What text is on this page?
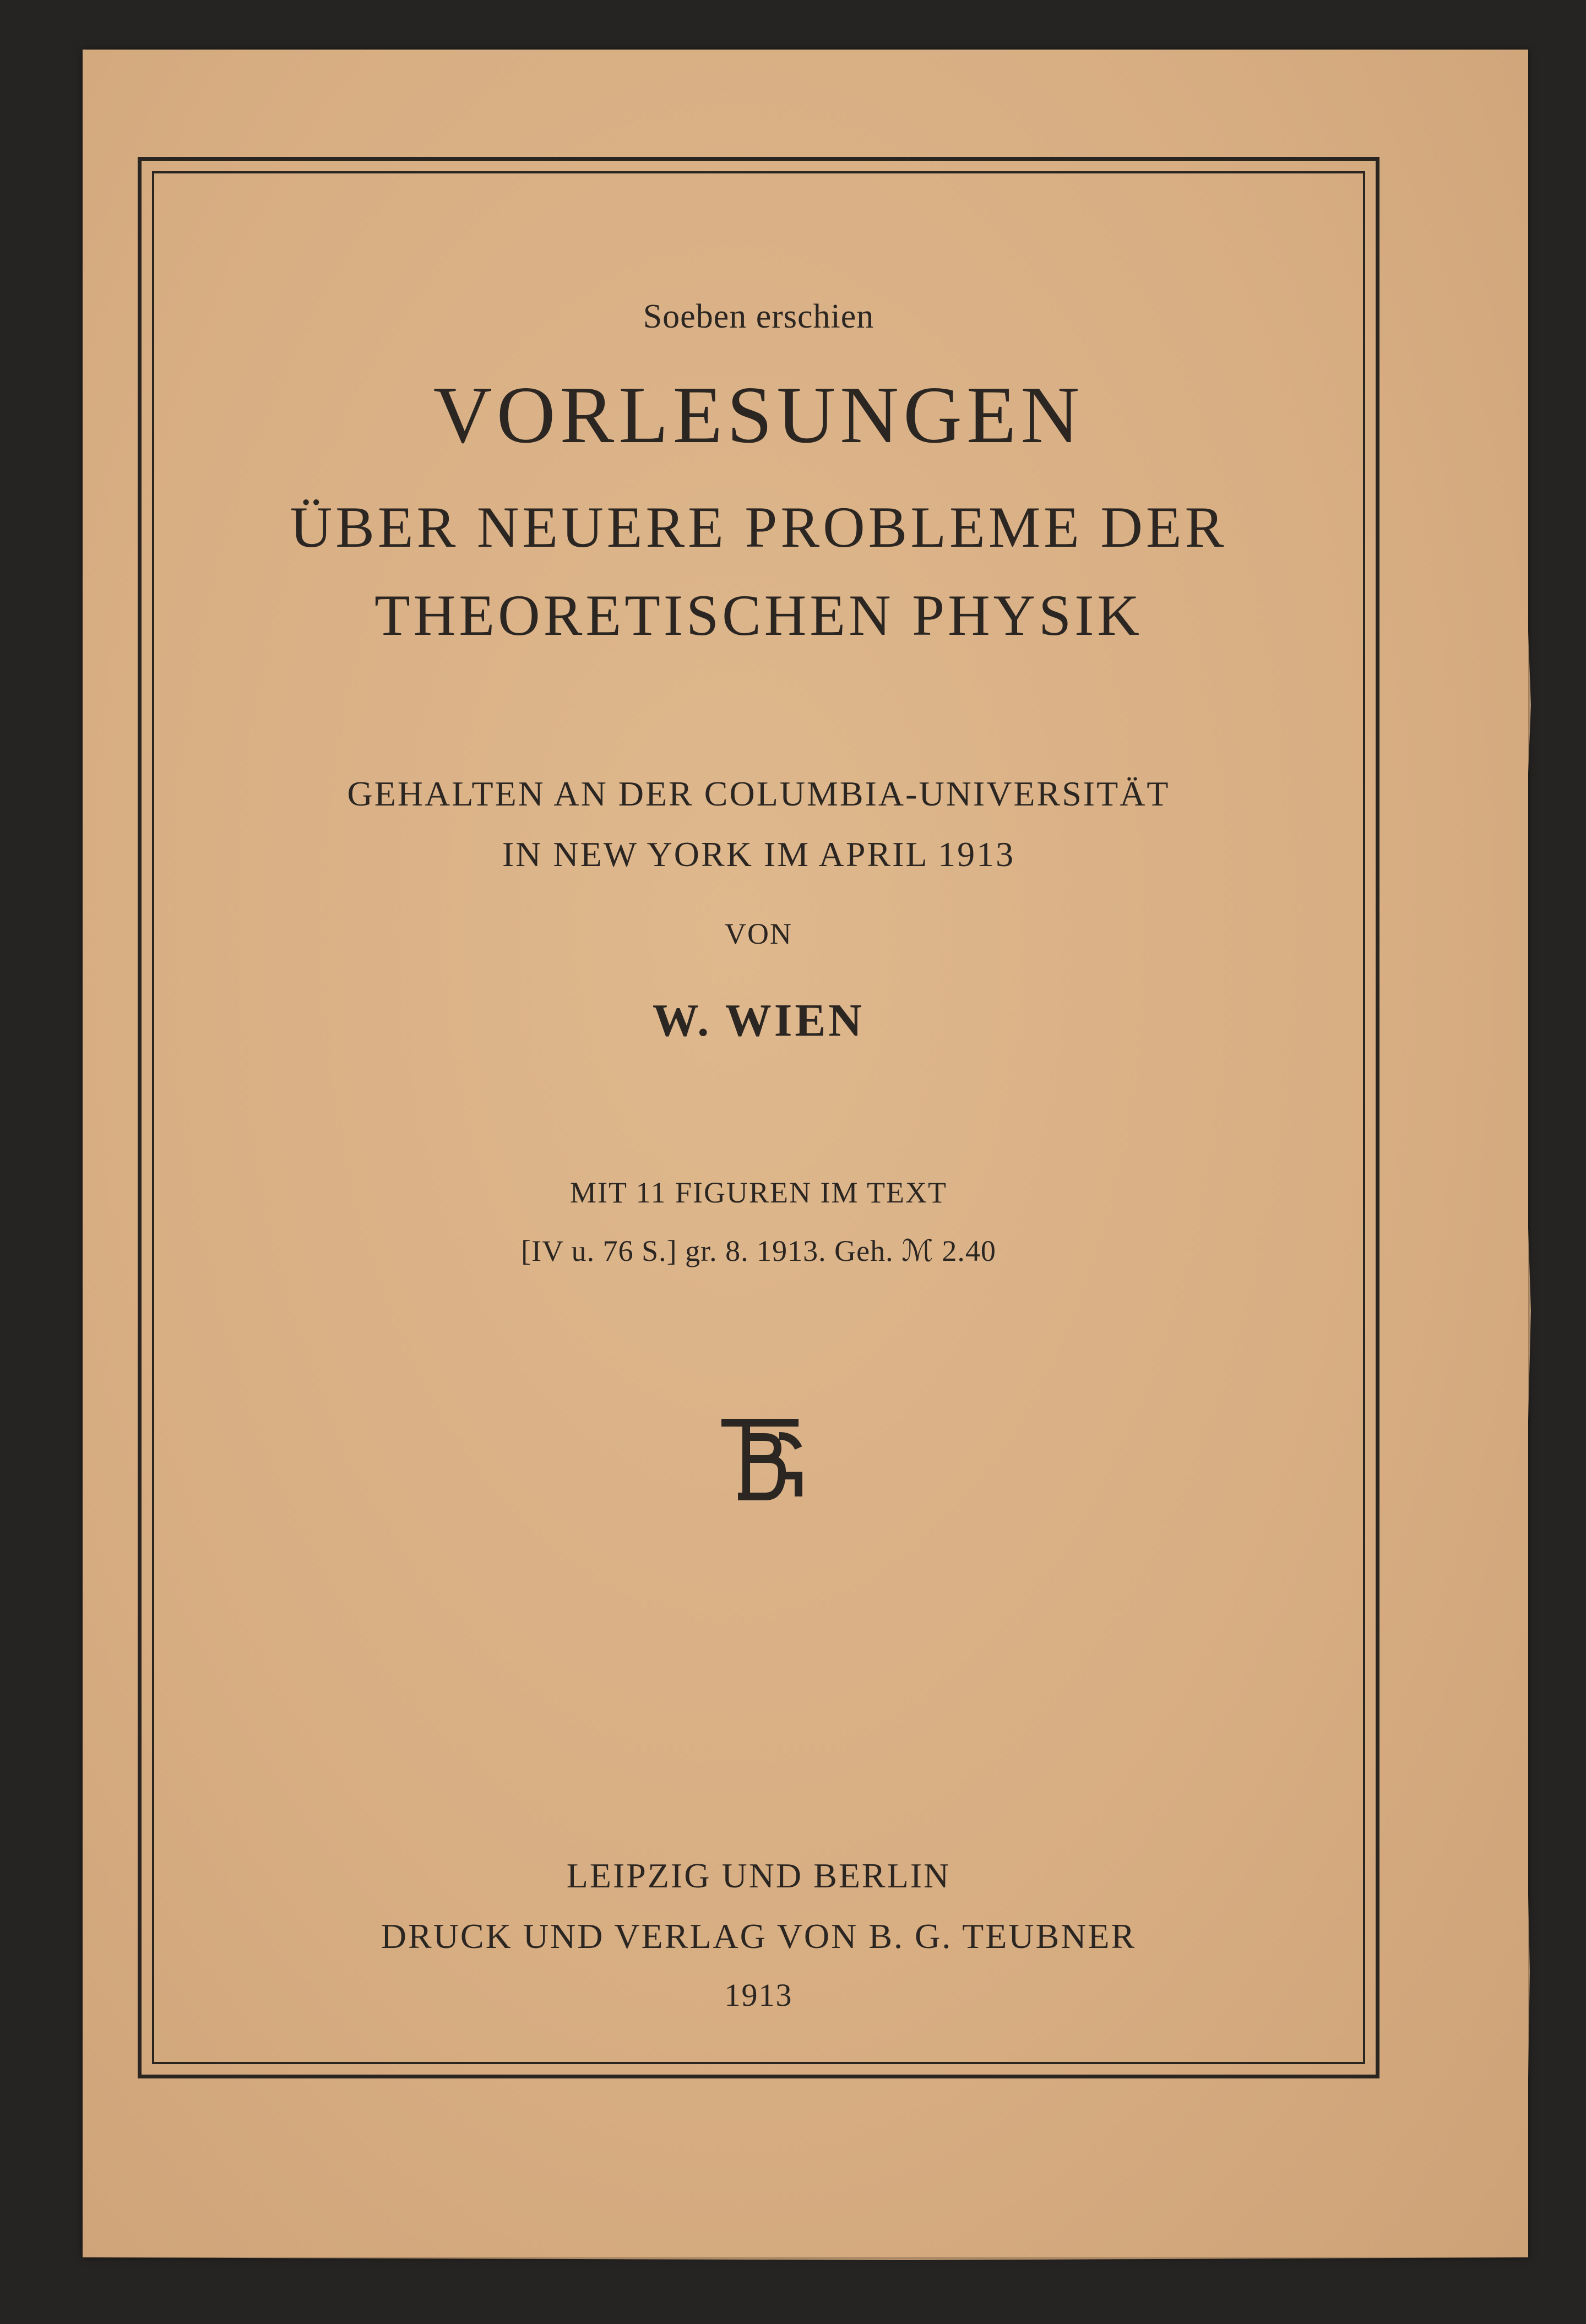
Soeben erschien

VORLESUNGEN

ÜBER NEUERE PROBLEME DER

THEORETISCHEN PHYSIK

GEHALTEN AN DER COLUMBIA-UNIVERSITÄT

IN NEW YORK IM APRIL 1913

VON

W. WIEN

MIT 11 FIGUREN IM TEXT

[IV u. 76 S.] gr. 8. 1913. Geh. ℳ 2.40

LEIPZIG UND BERLIN

DRUCK UND VERLAG VON B. G. TEUBNER

1913
